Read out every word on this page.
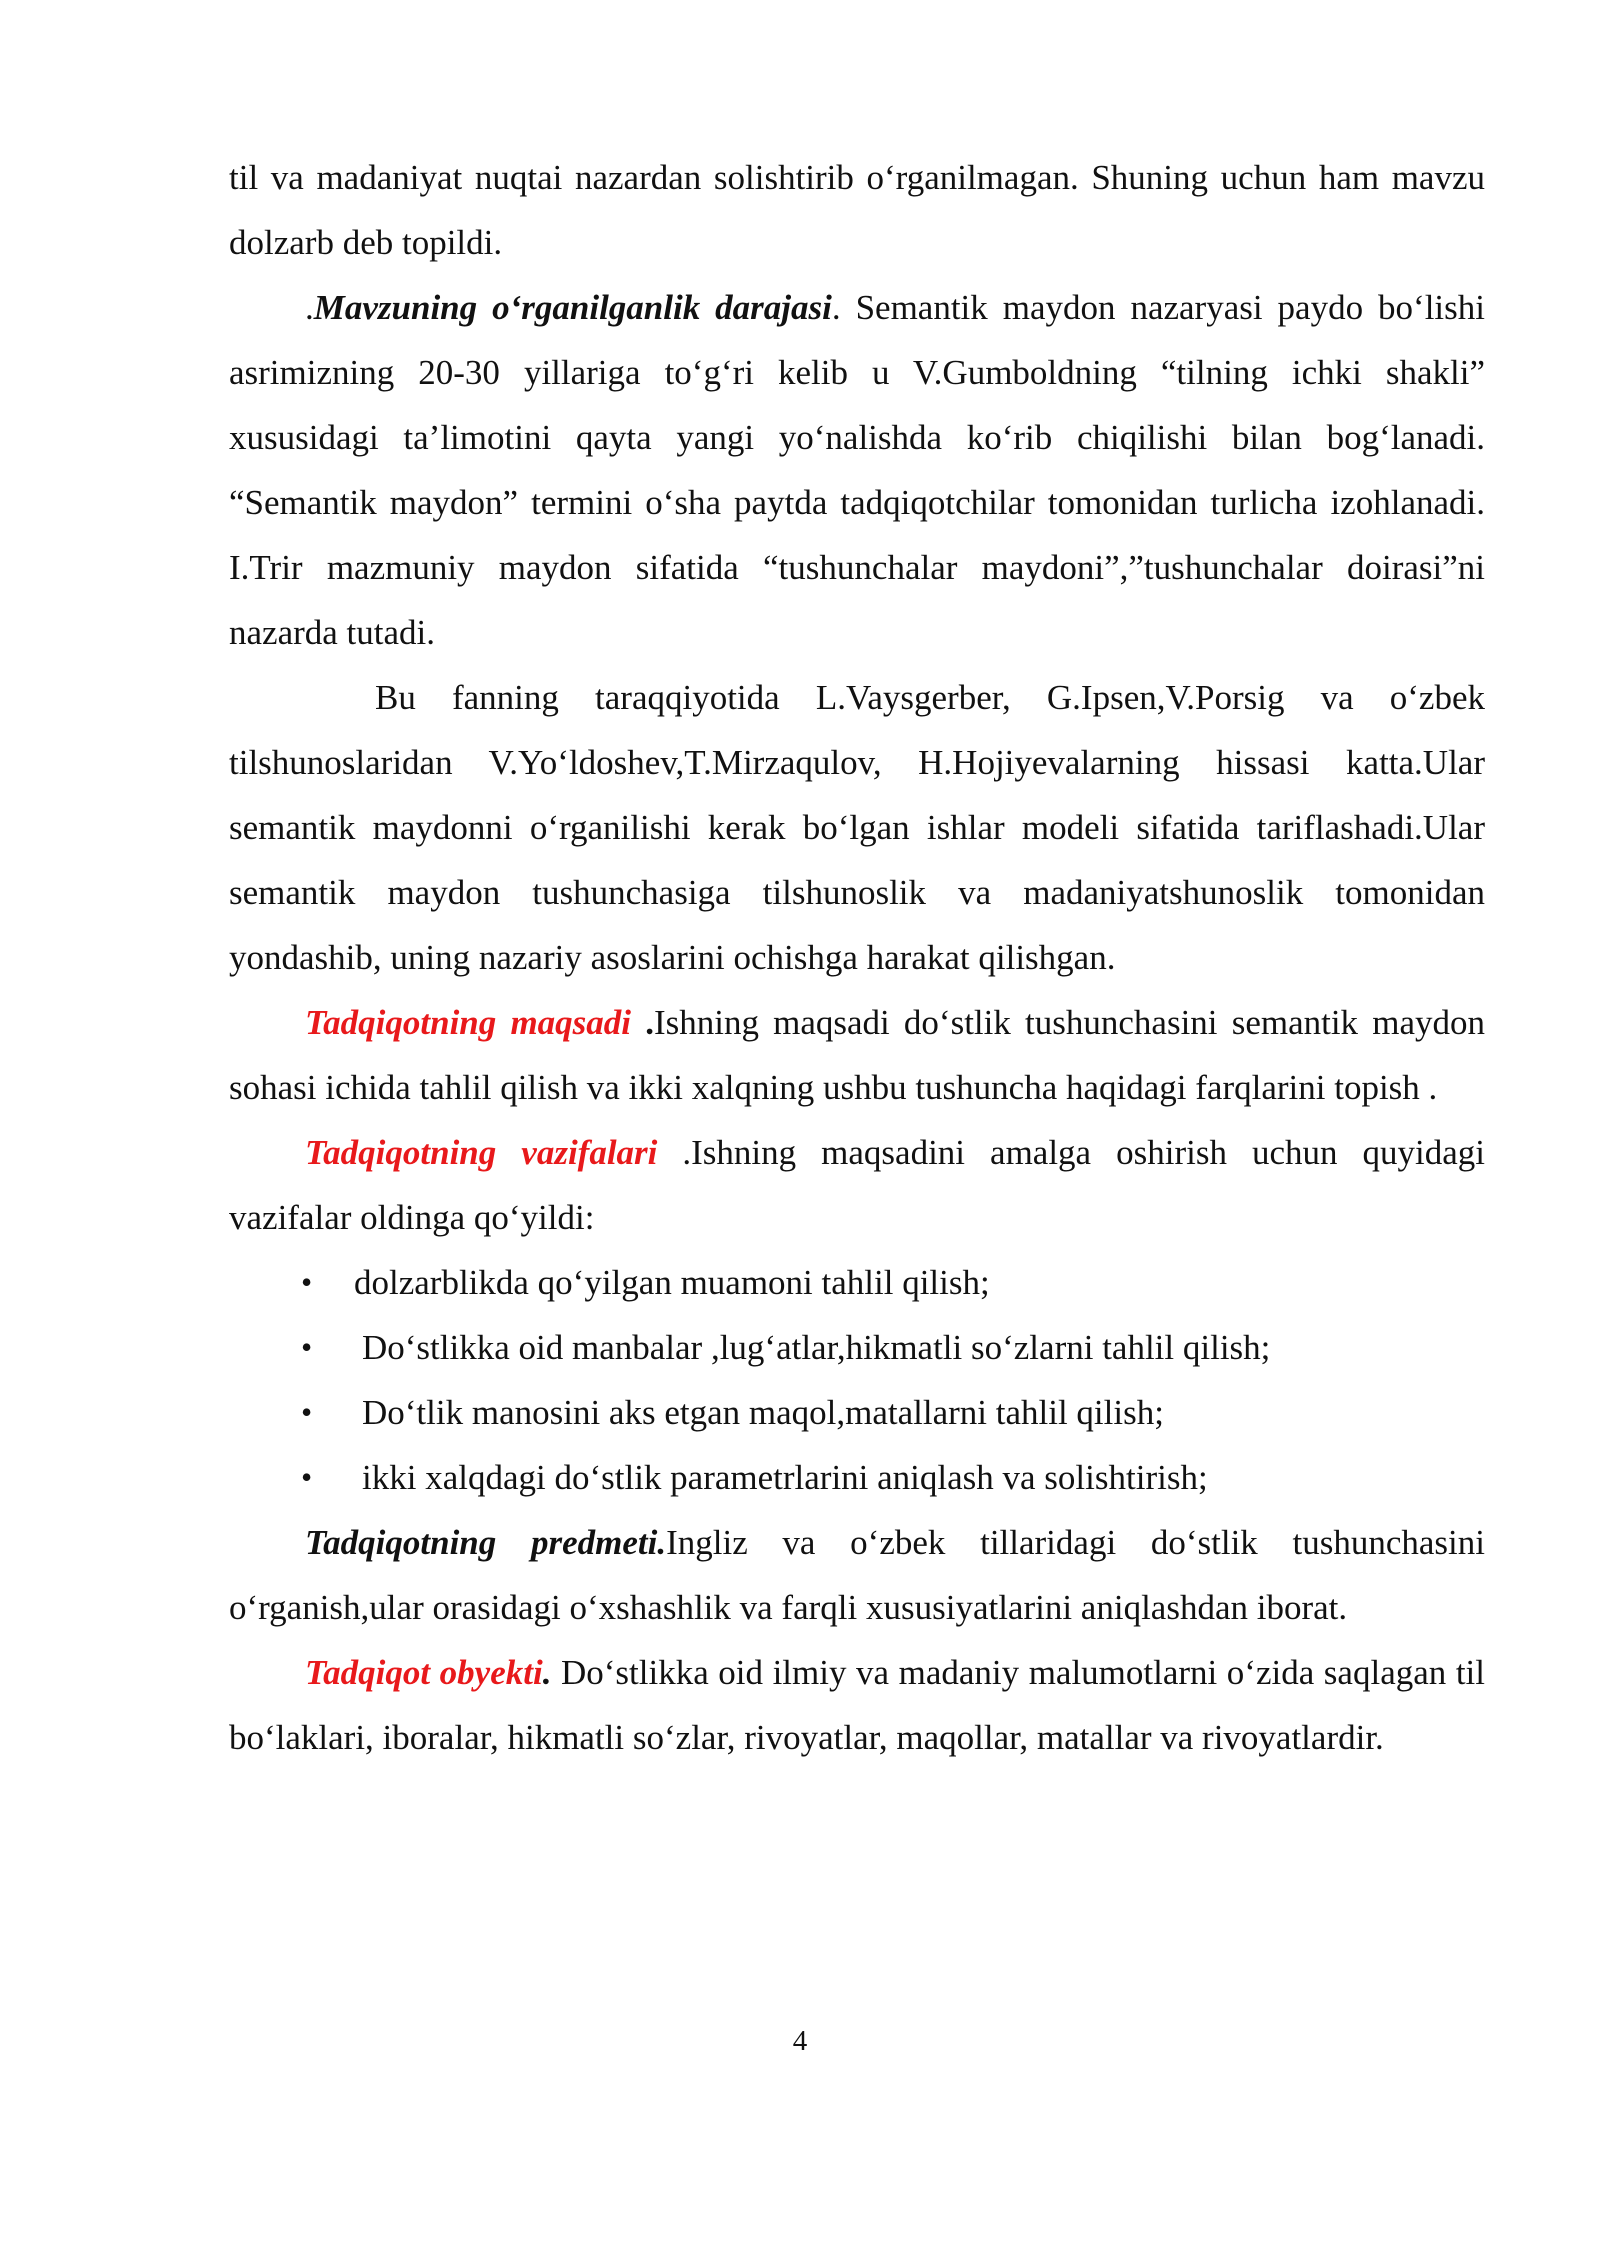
til va madaniyat nuqtai nazardan solishtirib o‘rganilmagan. Shuning uchun ham mavzu dolzarb deb topildi.

.Mavzuning o‘rganilganlik darajasi. Semantik maydon nazaryasi paydo bo‘lishi asrimizning 20-30 yillariga to‘g‘ri kelib u V.Gumboldning “tilning ichki shakli” xususidagi ta’limotini qayta yangi yo‘nalishda ko‘rib chiqilishi bilan bog‘lanadi. “Semantik maydon” termini o‘sha paytda tadqiqotchilar tomonidan turlicha izohlanadi. I.Trir mazmuniy maydon sifatida “tushunchalar maydoni”,”tushunchalar doirasi”ni nazarda tutadi.

Bu fanning taraqqiyotida L.Vaysgerber, G.Ipsen,V.Porsig va o‘zbek tilshunoslaridan V.Yo‘ldoshev,T.Mirzaqulov, H.Hojiyevalarning hissasi katta.Ular semantik maydonni o‘rganilishi kerak bo‘lgan ishlar modeli sifatida tariflashadi.Ular semantik maydon tushunchasiga tilshunoslik va madaniyatshunoslik tomonidan yondashib, uning nazariy asoslarini ochishga harakat qilishgan.

Tadqiqotning maqsadi .Ishning maqsadi do‘stlik tushunchasini semantik maydon sohasi ichida tahlil qilish va ikki xalqning ushbu tushuncha haqidagi farqlarini topish .

Tadqiqotning vazifalari .Ishning maqsadini amalga oshirish uchun quyidagi vazifalar oldinga qo‘yildi:

• dolzarblikda qo‘yilgan muamoni tahlil qilish;
• Do‘stlikka oid manbalar ,lug‘atlar,hikmatli so‘zlarni tahlil qilish;
• Do‘tlik manosini aks etgan maqol,matallarni tahlil qilish;
• ikki xalqdagi do‘stlik parametrlarini aniqlash va solishtirish;

Tadqiqotning predmeti.Ingliz va o‘zbek tillaridagi do‘stlik tushunchasini o‘rganish,ular orasidagi o‘xshashlik va farqli xususiyatlarini aniqlashdan iborat.

Tadqiqot obyekti. Do‘stlikka oid ilmiy va madaniy malumotlarni o‘zida saqlagan til bo‘laklari, iboralar, hikmatli so‘zlar, rivoyatlar, maqollar, matallar va rivoyatlardir.

4
